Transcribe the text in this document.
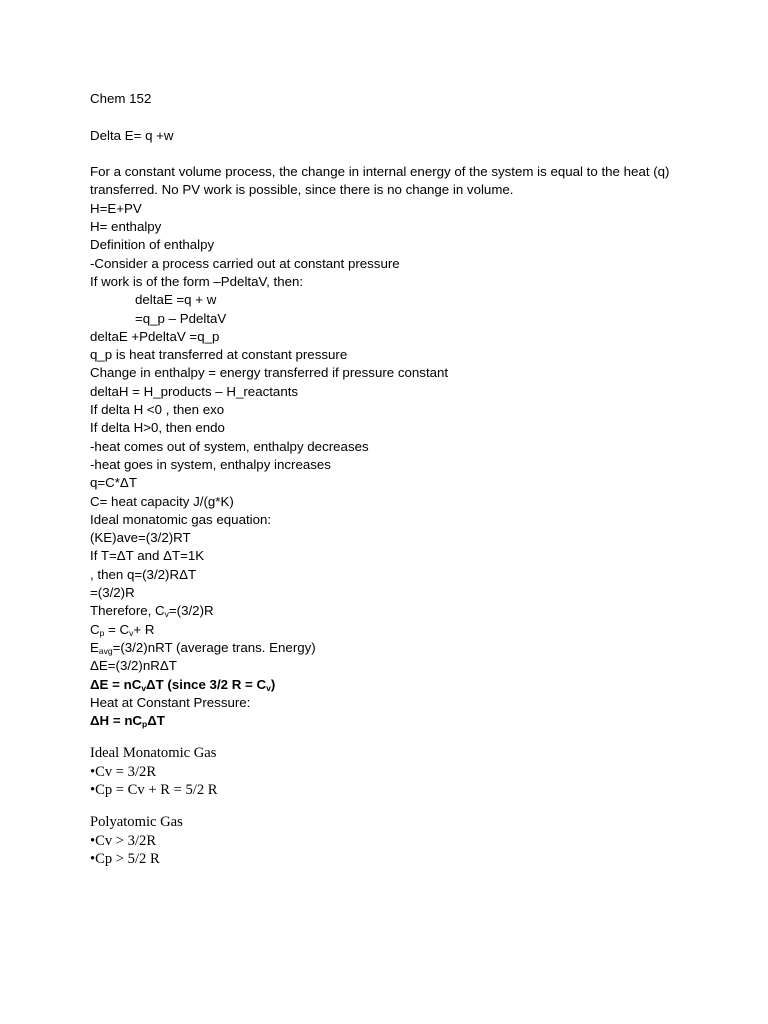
Chem 152
Delta E= q +w
For a constant volume process, the change in internal energy of the system is equal to the heat (q) transferred. No PV work is possible, since there is no change in volume.
H=E+PV
H= enthalpy
Definition of enthalpy
-Consider a process carried out at constant pressure
If work is of the form –PdeltaV, then:
deltaE =q + w
=q_p – PdeltaV
deltaE +PdeltaV =q_p
q_p is heat transferred at constant pressure
Change in enthalpy = energy transferred if pressure constant
deltaH = H_products – H_reactants
If delta H <0 , then exo
If delta H>0, then endo
-heat comes out of system, enthalpy decreases
-heat goes in system, enthalpy increases
q=C*ΔT
C= heat capacity J/(g*K)
Ideal monatomic gas equation:
(KE)ave=(3/2)RT
If T=ΔT and ΔT=1K
, then q=(3/2)RΔT
=(3/2)R
Therefore, $C_v=(3/2)R$
$C_p = C_v+ R$
$E_{avg}=(3/2)nRT$ (average trans. Energy)
ΔE=(3/2)nRΔT
$\Delta E = nC_v\Delta T$ (since 3/2 $R = C_v$)
Heat at Constant Pressure:
$\Delta H = nC_p\Delta T$
Ideal Monatomic Gas
•Cv = 3/2R
•Cp = Cv + R = 5/2 R
Polyatomic Gas
•Cv > 3/2R
•Cp > 5/2 R
